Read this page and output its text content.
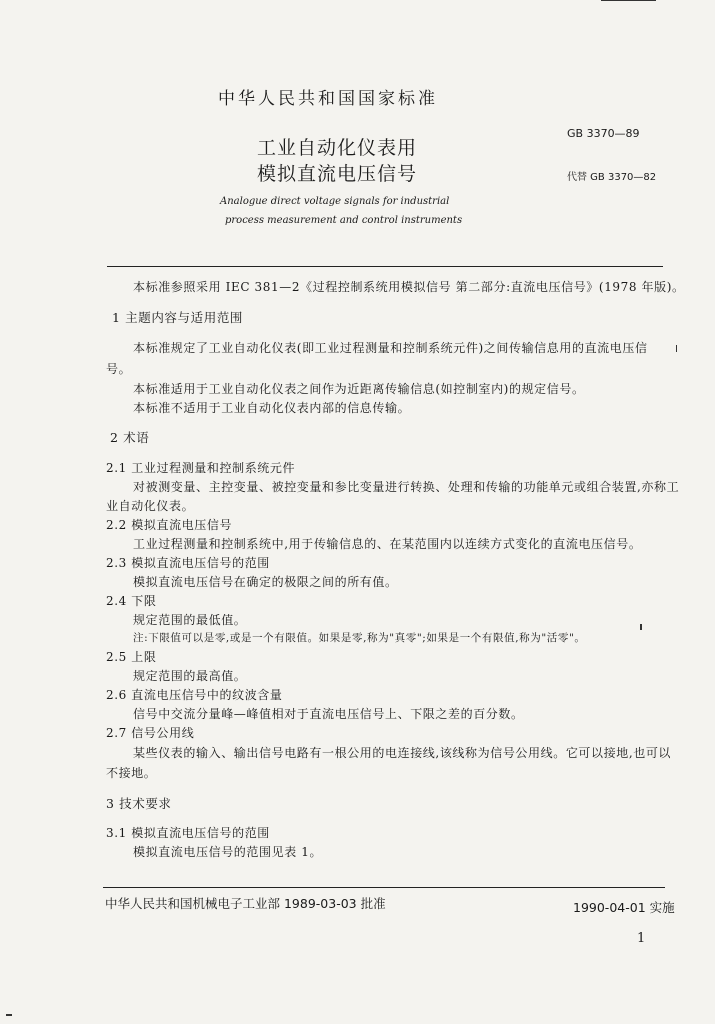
中华人民共和国国家标准
工业自动化仪表用
模拟直流电压信号
GB 3370—89
代替 GB 3370—82
Analogue direct voltage signals for industrial
process measurement and control instruments
本标准参照采用 IEC 381—2《过程控制系统用模拟信号 第二部分:直流电压信号》(1978 年版)。
1 主题内容与适用范围
本标准规定了工业自动化仪表(即工业过程测量和控制系统元件)之间传输信息用的直流电压信
号。
本标准适用于工业自动化仪表之间作为近距离传输信息(如控制室内)的规定信号。
本标准不适用于工业自动化仪表内部的信息传输。
2 术语
2.1 工业过程测量和控制系统元件
对被测变量、主控变量、被控变量和参比变量进行转换、处理和传输的功能单元或组合装置,亦称工
业自动化仪表。
2.2 模拟直流电压信号
工业过程测量和控制系统中,用于传输信息的、在某范围内以连续方式变化的直流电压信号。
2.3 模拟直流电压信号的范围
模拟直流电压信号在确定的极限之间的所有值。
2.4 下限
规定范围的最低值。
注:下限值可以是零,或是一个有限值。如果是零,称为"真零";如果是一个有限值,称为"活零"。
2.5 上限
规定范围的最高值。
2.6 直流电压信号中的纹波含量
信号中交流分量峰—峰值相对于直流电压信号上、下限之差的百分数。
2.7 信号公用线
某些仪表的输入、输出信号电路有一根公用的电连接线,该线称为信号公用线。它可以接地,也可以
不接地。
3 技术要求
3.1 模拟直流电压信号的范围
模拟直流电压信号的范围见表 1。
中华人民共和国机械电子工业部 1989-03-03 批准	1990-04-01 实施
1
